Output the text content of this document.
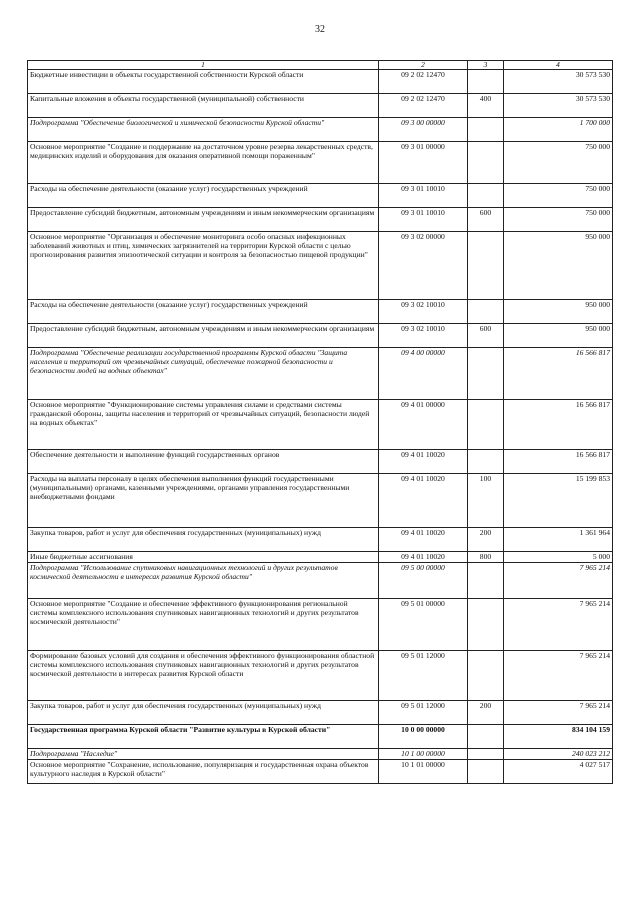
32
1	2	3	4
Бюджетные инвестиции в объекты государственной собственности Курской области	09 2 02 12470		30 573 530
Капитальные вложения в объекты государственной (муниципальной) собственности	09 2 02 12470	400	30 573 530
Подпрограмма "Обеспечение биологической и химической безопасности Курской области"	09 3 00 00000		1 700 000
Основное мероприятие "Создание и поддержание на достаточном уровне резерва лекарственных средств, медицинских изделий и оборудования для оказания оперативной помощи пораженным"	09 3 01 00000		750 000
Расходы на обеспечение деятельности (оказание услуг) государственных учреждений	09 3 01 10010		750 000
Предоставление субсидий бюджетным, автономным учреждениям и иным некоммерческим организациям	09 3 01 10010	600	750 000
Основное мероприятие "Организация и обеспечение мониторинга особо опасных инфекционных заболеваний животных и птиц, химических загрязнителей на территории Курской области с целью прогнозирования развития эпизоотической ситуации и контроля за безопасностью пищевой продукции"	09 3 02 00000		950 000
Расходы на обеспечение деятельности (оказание услуг) государственных учреждений	09 3 02 10010		950 000
Предоставление субсидий бюджетным, автономным учреждениям и иным некоммерческим организациям	09 3 02 10010	600	950 000
Подпрограмма "Обеспечение реализации государственной программы Курской области "Защита населения и территорий от чрезвычайных ситуаций, обеспечение пожарной безопасности и безопасности людей на водных объектах"	09 4 00 00000		16 566 817
Основное мероприятие "Функционирование системы управления силами и средствами системы гражданской обороны, защиты населения и территорий от чрезвычайных ситуаций, безопасности людей на водных объектах"	09 4 01 00000		16 566 817
Обеспечение деятельности и выполнение функций государственных органов	09 4 01 10020		16 566 817
Расходы на выплаты персоналу в целях обеспечения выполнения функций государственными (муниципальными) органами, казенными учреждениями, органами управления государственными внебюджетными фондами	09 4 01 10020	100	15 199 853
Закупка товаров, работ и услуг для обеспечения государственных (муниципальных) нужд	09 4 01 10020	200	1 361 964
Иные бюджетные ассигнования	09 4 01 10020	800	5 000
Подпрограмма "Использование спутниковых навигационных технологий и других результатов космической деятельности в интересах развития Курской области"	09 5 00 00000		7 965 214
Основное мероприятие "Создание и обеспечение эффективного функционирования региональной системы комплексного использования спутниковых навигационных технологий и других результатов космической деятельности"	09 5 01 00000		7 965 214
Формирование базовых условий для создания и обеспечения эффективного функционирования областной системы комплексного использования спутниковых навигационных технологий и других результатов космической деятельности в интересах развития Курской области	09 5 01 12000		7 965 214
Закупка товаров, работ и услуг для обеспечения государственных (муниципальных) нужд	09 5 01 12000	200	7 965 214
Государственная программа Курской области "Развитие культуры в Курской области"	10 0 00 00000		834 104 159
Подпрограмма "Наследие"	10 1 00 00000		240 023 212
Основное мероприятие "Сохранение, использование, популяризация и государственная охрана объектов культурного наследия в Курской области"	10 1 01 00000		4 027 517
